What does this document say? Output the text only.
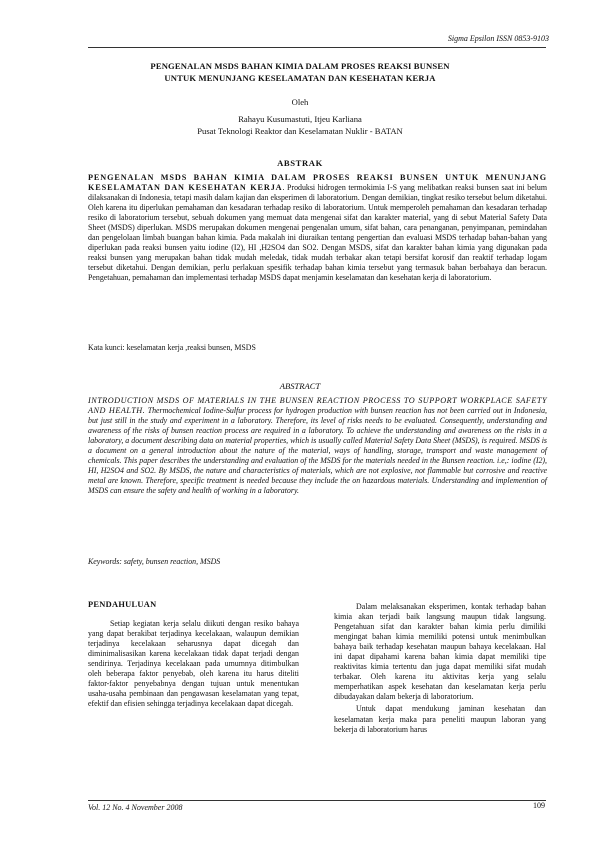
Sigma Epsilon ISSN 0853-9103
PENGENALAN MSDS BAHAN KIMIA DALAM PROSES REAKSI BUNSEN
UNTUK MENUNJANG KESELAMATAN DAN KESEHATAN KERJA
Oleh
Rahayu Kusumastuti, Itjeu Karliana
Pusat Teknologi Reaktor dan Keselamatan Nuklir - BATAN
ABSTRAK
PENGENALAN MSDS BAHAN KIMIA DALAM PROSES REAKSI BUNSEN UNTUK MENUNJANG KESELAMATAN DAN KESEHATAN KERJA. Produksi hidrogen termokimia I-S yang melibatkan reaksi bunsen saat ini belum dilaksanakan di Indonesia, tetapi masih dalam kajian dan eksperimen di laboratorium. Dengan demikian, tingkat resiko tersebut belum diketahui. Oleh karena itu diperlukan pemahaman dan kesadaran terhadap resiko di laboratorium. Untuk memperoleh pemahaman dan kesadaran terhadap resiko di laboratorium tersebut, sebuah dokumen yang memuat data mengenai sifat dan karakter material, yang di sebut Material Safety Data Sheet (MSDS) diperlukan. MSDS merupakan dokumen mengenai pengenalan umum, sifat bahan, cara penanganan, penyimpanan, pemindahan dan pengelolaan limbah buangan bahan kimia. Pada makalah ini diuraikan tentang pengertian dan evaluasi MSDS terhadap bahan-bahan yang diperlukan pada reaksi bunsen yaitu iodine (I2), HI ,H2SO4 dan SO2. Dengan MSDS, sifat dan karakter bahan kimia yang digunakan pada reaksi bunsen yang merupakan bahan tidak mudah meledak, tidak mudah terbakar akan tetapi bersifat korosif dan reaktif terhadap logam tersebut diketahui. Dengan demikian, perlu perlakuan spesifik terhadap bahan kimia tersebut yang termasuk bahan berbahaya dan beracun. Pengetahuan, pemahaman dan implementasi terhadap MSDS dapat menjamin keselamatan dan kesehatan kerja di laboratorium.
Kata kunci: keselamatan kerja ,reaksi bunsen, MSDS
ABSTRACT
INTRODUCTION MSDS OF MATERIALS IN THE BUNSEN REACTION PROCESS TO SUPPORT WORKPLACE SAFETY AND HEALTH. Thermochemical Iodine-Sulfur process for hydrogen production with bunsen reaction has not been carried out in Indonesia, but just still in the study and experiment in a laboratory. Therefore, its level of risks needs to be evaluated. Consequently, understanding and awareness of the risks of bunsen reaction process are required in a laboratory. To achieve the understanding and awareness on the risks in a laboratory, a document describing data on material properties, which is usually called Material Safety Data Sheet (MSDS), is required. MSDS is a document on a general introduction about the nature of the material, ways of handling, storage, transport and waste management of chemicals. This paper describes the understanding and evaluation of the MSDS for the materials needed in the Bunsen reaction. i.e,: iodine (I2), HI, H2SO4 and SO2. By MSDS, the nature and characteristics of materials, which are not explosive, not flammable but corrosive and reactive metal are known. Therefore, specific treatment is needed because they include the on hazardous materials. Understanding and implemention of MSDS can ensure the safety and health of working in a laboratory.
Keywords: safety, bunsen reaction, MSDS
PENDAHULUAN

Setiap kegiatan kerja selalu diikuti dengan resiko bahaya yang dapat berakibat terjadinya kecelakaan, walaupun demikian terjadinya kecelakaan seharusnya dapat dicegah dan diminimalisasikan karena kecelakaan tidak dapat terjadi dengan sendirinya. Terjadinya kecelakaan pada umumnya ditimbulkan oleh beberapa faktor penyebab, oleh karena itu harus diteliti faktor-faktor penyebabnya dengan tujuan untuk menentukan usaha-usaha pembinaan dan pengawasan keselamatan yang tepat, efektif dan efisien sehingga terjadinya kecelakaan dapat dicegah.

Dalam melaksanakan eksperimen, kontak terhadap bahan kimia akan terjadi baik langsung maupun tidak langsung. Pengetahuan sifat dan karakter bahan kimia perlu dimiliki mengingat bahan kimia memiliki potensi untuk menimbulkan bahaya baik terhadap kesehatan maupun bahaya kecelakaan. Hal ini dapat dipahami karena bahan kimia dapat memiliki tipe reaktivitas kimia tertentu dan juga dapat memiliki sifat mudah terbakar. Oleh karena itu aktivitas kerja yang selalu memperhatikan aspek kesehatan dan keselamatan kerja perlu dibudayakan dalam bekerja di laboratorium.

Untuk dapat mendukung jaminan kesehatan dan keselamatan kerja maka para peneliti maupun laboran yang bekerja di laboratorium harus

Vol. 12 No. 4 November 2008	109
